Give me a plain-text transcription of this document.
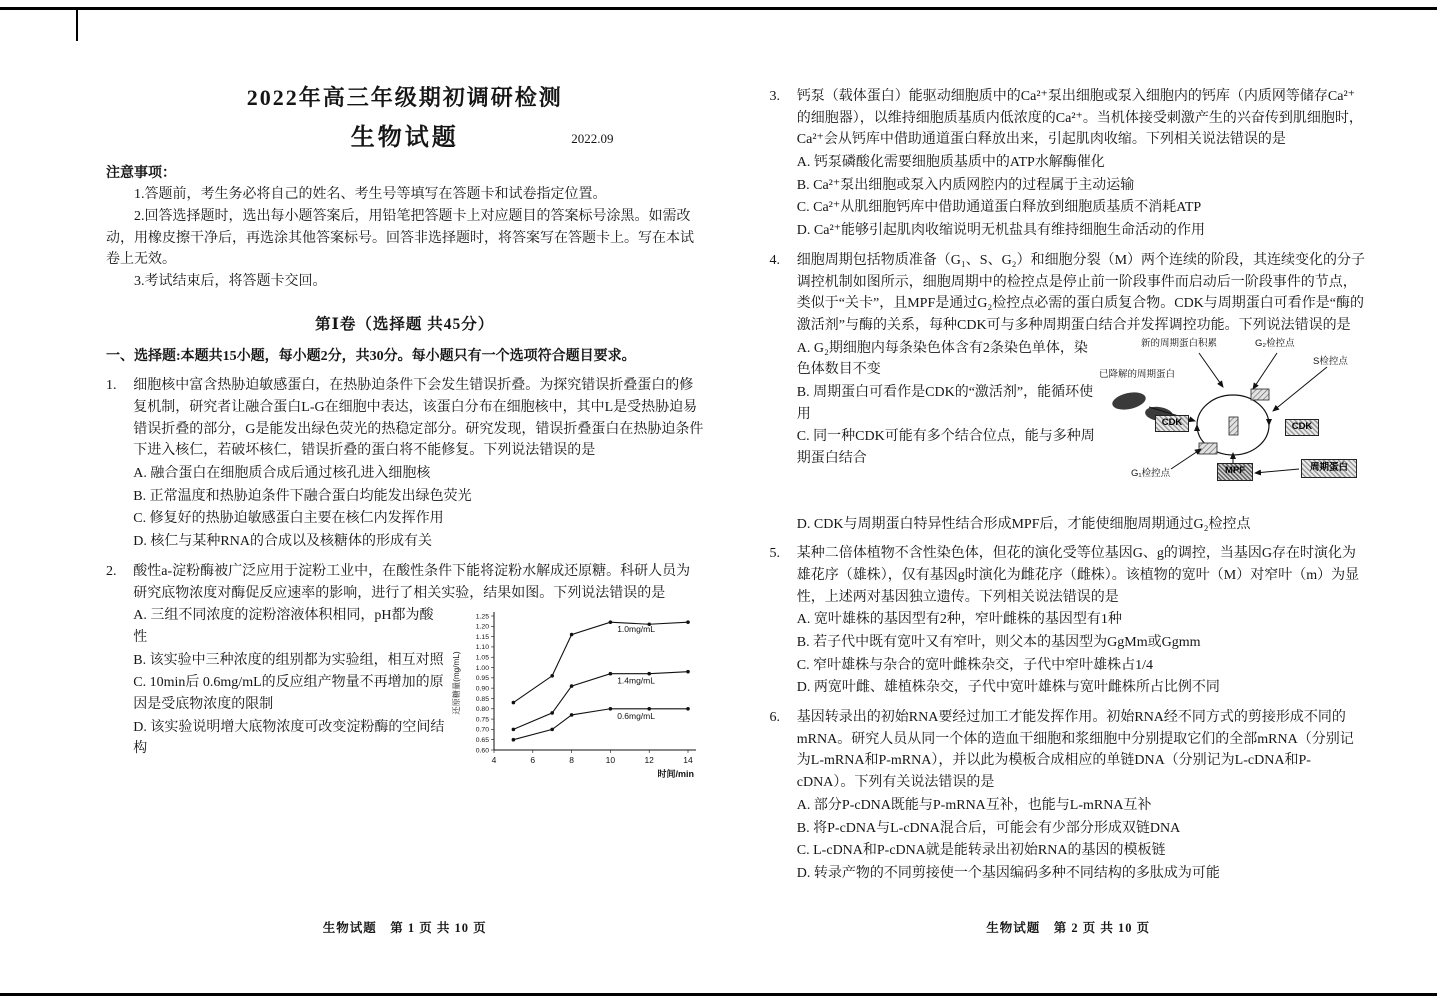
2022年高三年级期初调研检测
生物试题	2022.09
注意事项：

1.答题前，考生务必将自己的姓名、考生号等填写在答题卡和试卷指定位置。

2.回答选择题时，选出每小题答案后，用铅笔把答题卡上对应题目的答案标号涂黑。如需改动，用橡皮擦干净后，再选涂其他答案标号。回答非选择题时，将答案写在答题卡上。写在本试卷上无效。

3.考试结束后，将答题卡交回。

第Ⅰ卷（选择题 共45分）
一、选择题:本题共15小题，每小题2分，共30分。每小题只有一个选项符合题目要求。
1. 细胞核中富含热胁迫敏感蛋白，在热胁迫条件下会发生错误折叠。为探究错误折叠蛋白的修复机制，研究者让融合蛋白L-G在细胞中表达，该蛋白分布在细胞核中，其中L是受热胁迫易错误折叠的部分，G是能发出绿色荧光的热稳定部分。研究发现，错误折叠蛋白在热胁迫条件下进入核仁，若破坏核仁，错误折叠的蛋白将不能修复。下列说法错误的是
A. 融合蛋白在细胞质合成后通过核孔进入细胞核
B. 正常温度和热胁迫条件下融合蛋白均能发出绿色荧光
C. 修复好的热胁迫敏感蛋白主要在核仁内发挥作用
D. 核仁与某种RNA的合成以及核糖体的形成有关
2. 酸性a-淀粉酶被广泛应用于淀粉工业中，在酸性条件下能将淀粉水解成还原糖。科研人员为研究底物浓度对酶促反应速率的影响，进行了相关实验，结果如图。下列说法错误的是
A. 三组不同浓度的淀粉溶液体积相同，pH都为酸性
B. 该实验中三种浓度的组别都为实验组，相互对照
C. 10min后 0.6mg/mL的反应组产物量不再增加的原因是受底物浓度的限制
D. 该实验说明增大底物浓度可改变淀粉酶的空间结构	0.60
0.65
0.70
0.75
0.80
0.85
0.90
0.95
1.00
1.05
1.10
1.15
1.20
1.25
4	6	8	10	12	14
时间/min
还原糖量(mg/mL)
1.0mg/mL
1.4mg/mL
0.6mg/mL
生物试题　第 1 页 共 10 页
3. 钙泵（载体蛋白）能驱动细胞质中的Ca²⁺泵出细胞或泵入细胞内的钙库（内质网等储存Ca²⁺的细胞器），以维持细胞质基质内低浓度的Ca²⁺。当机体接受刺激产生的兴奋传到肌细胞时，Ca²⁺会从钙库中借助通道蛋白释放出来，引起肌肉收缩。下列相关说法错误的是
A. 钙泵磷酸化需要细胞质基质中的ATP水解酶催化
B. Ca²⁺泵出细胞或泵入内质网腔内的过程属于主动运输
C. Ca²⁺从肌细胞钙库中借助通道蛋白释放到细胞质基质不消耗ATP
D. Ca²⁺能够引起肌肉收缩说明无机盐具有维持细胞生命活动的作用
4. 细胞周期包括物质准备（G₁、S、G₂）和细胞分裂（M）两个连续的阶段，其连续变化的分子调控机制如图所示，细胞周期中的检控点是停止前一阶段事件而启动后一阶段事件的节点，类似于“关卡”，且MPF是通过G₂检控点必需的蛋白质复合物。CDK与周期蛋白可看作是“酶的激活剂”与酶的关系，每种CDK可与多种周期蛋白结合并发挥调控功能。下列说法错误的是
A. G₂期细胞内每条染色体含有2条染色单体，染色体数目不变
B. 周期蛋白可看作是CDK的“激活剂”，能循环使用
C. 同一种CDK可能有多个结合位点，能与多种周期蛋白结合
新的周期蛋白积累	G₂检控点
S检控点
已降解的周期蛋白
G₁检控点
CDK	CDK
MPF	周期蛋白
D. CDK与周期蛋白特异性结合形成MPF后，才能使细胞周期通过G₂检控点
5. 某种二倍体植物不含性染色体，但花的演化受等位基因G、g的调控，当基因G存在时演化为雄花序（雄株），仅有基因g时演化为雌花序（雌株）。该植物的宽叶（M）对窄叶（m）为显性，上述两对基因独立遗传。下列相关说法错误的是
A. 宽叶雄株的基因型有2种，窄叶雌株的基因型有1种
B. 若子代中既有宽叶又有窄叶，则父本的基因型为GgMm或Ggmm
C. 窄叶雄株与杂合的宽叶雌株杂交，子代中窄叶雄株占1/4
D. 两宽叶雌、雄植株杂交，子代中宽叶雄株与宽叶雌株所占比例不同
6. 基因转录出的初始RNA要经过加工才能发挥作用。初始RNA经不同方式的剪接形成不同的mRNA。研究人员从同一个体的造血干细胞和浆细胞中分别提取它们的全部mRNA（分别记为L-mRNA和P-mRNA），并以此为模板合成相应的单链DNA（分别记为L-cDNA和P-cDNA）。下列有关说法错误的是
A. 部分P-cDNA既能与P-mRNA互补，也能与L-mRNA互补
B. 将P-cDNA与L-cDNA混合后，可能会有少部分形成双链DNA
C. L-cDNA和P-cDNA就是能转录出初始RNA的基因的模板链
D. 转录产物的不同剪接使一个基因编码多种不同结构的多肽成为可能
生物试题　第 2 页 共 10 页
